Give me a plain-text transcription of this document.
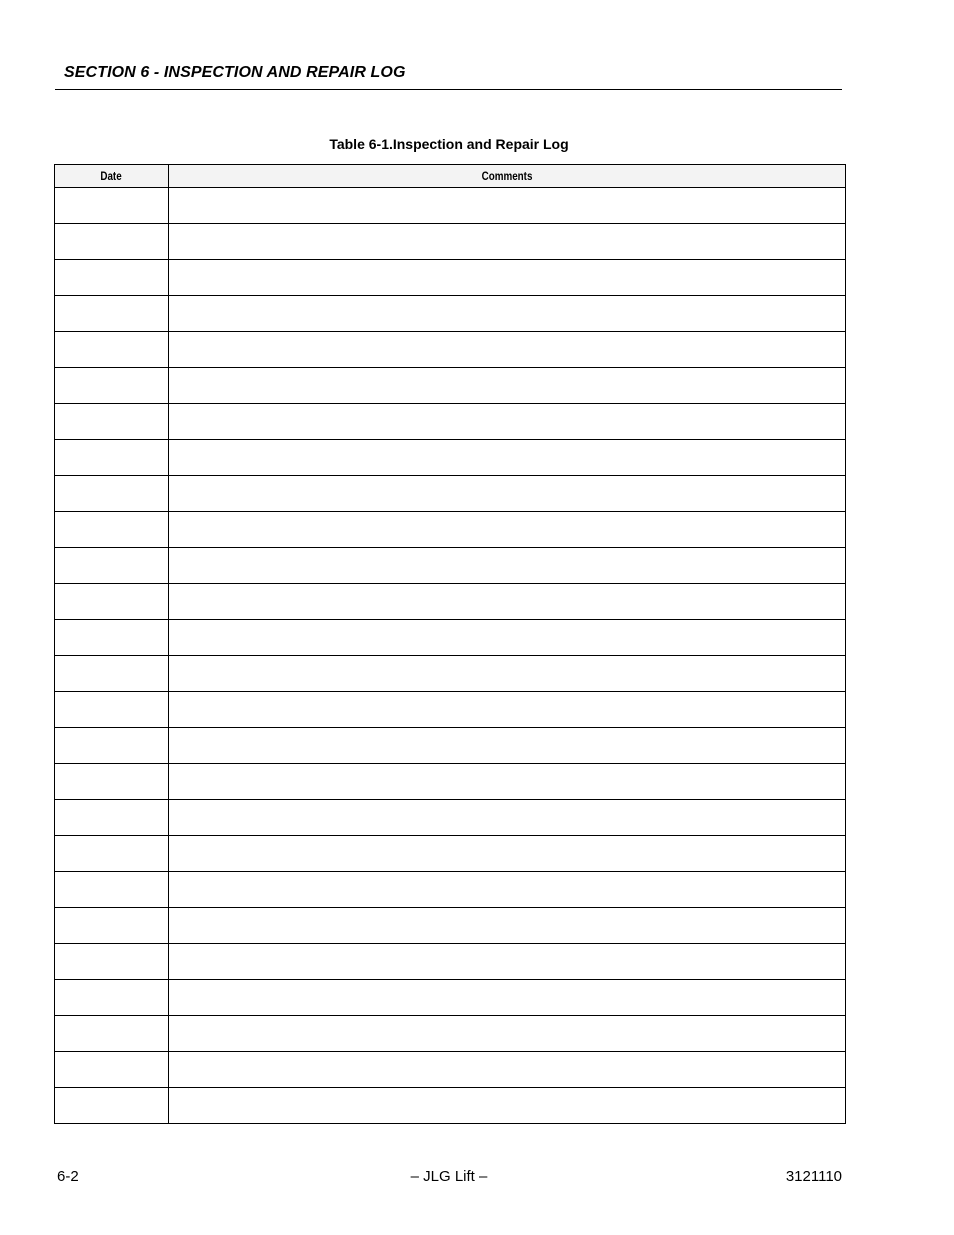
SECTION 6 - INSPECTION AND REPAIR LOG
Table 6-1.Inspection and Repair Log
Date	Comments

6-2	– JLG Lift –	3121110
